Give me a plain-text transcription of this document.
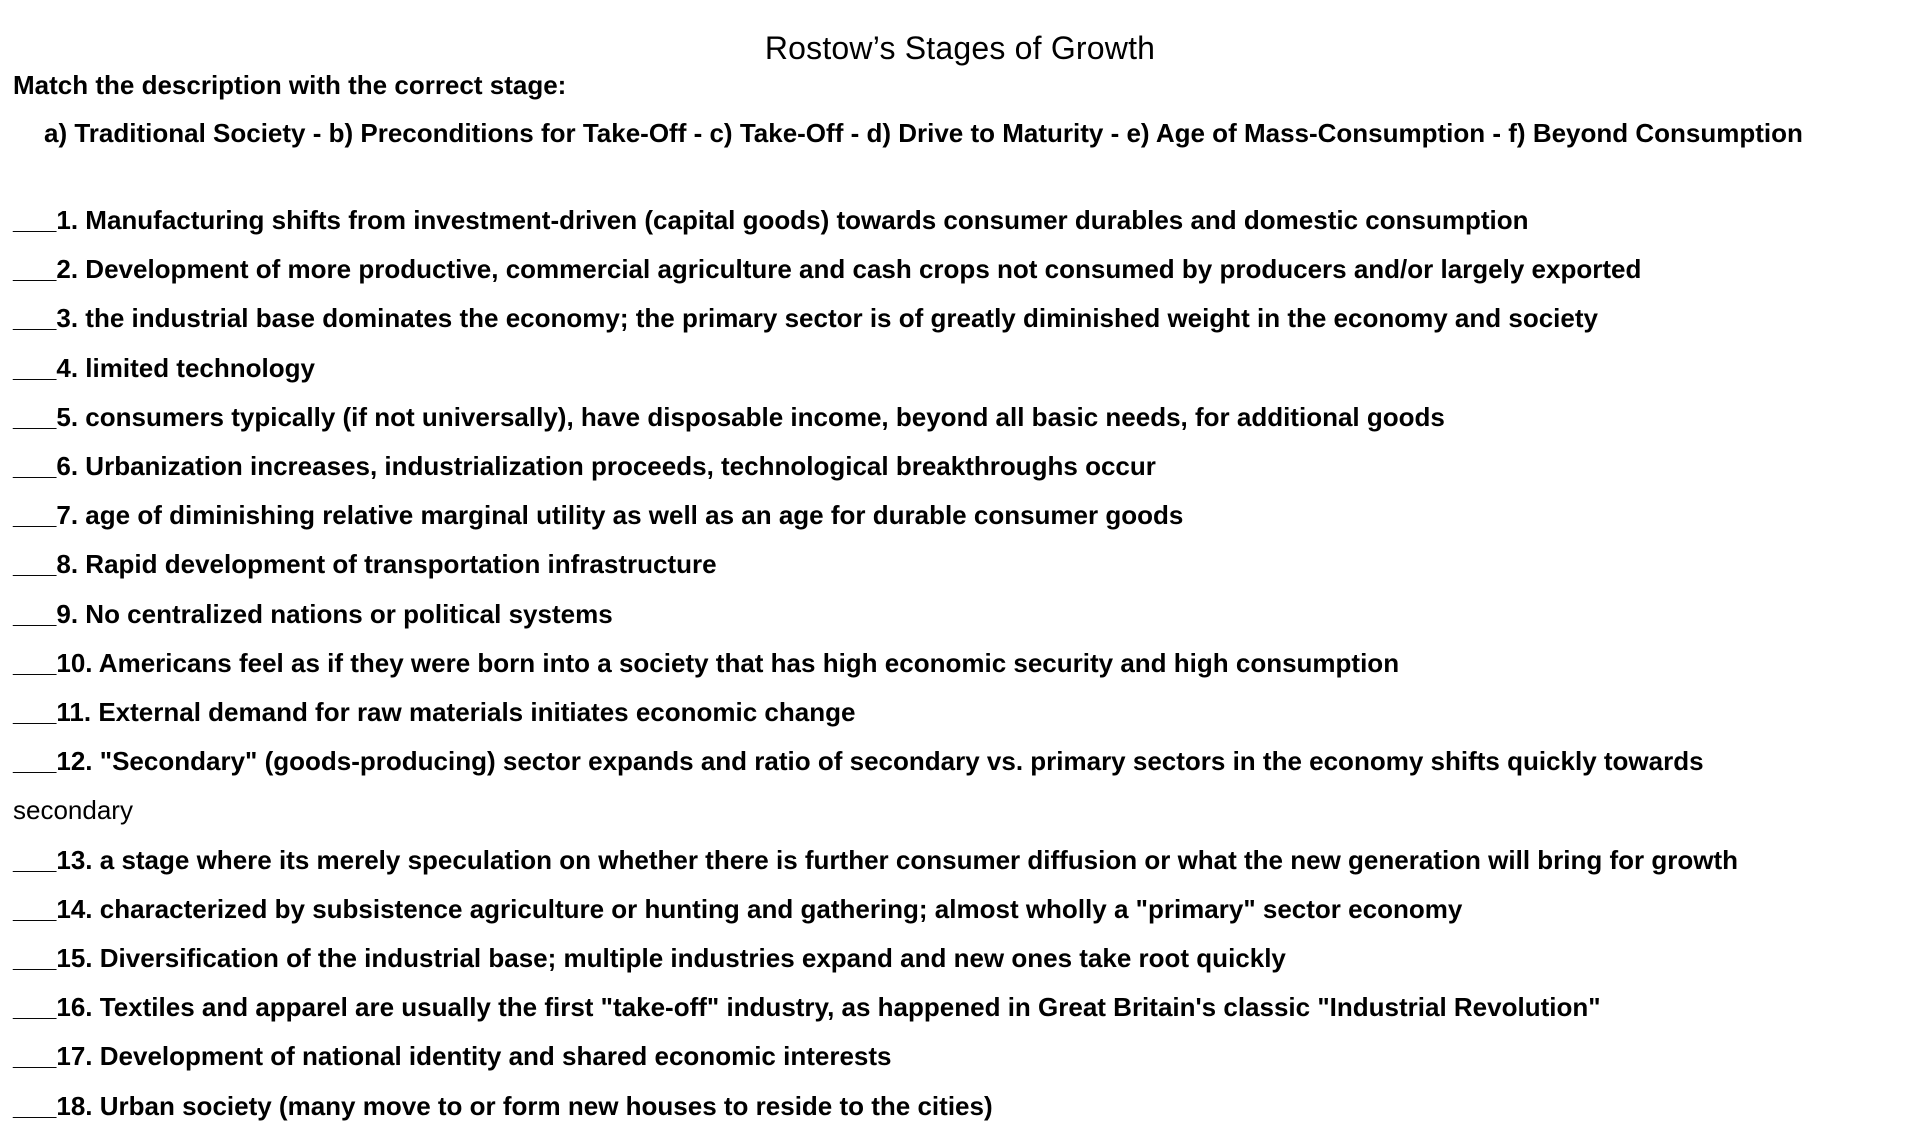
Rostow’s Stages of Growth
Match the description with the correct stage:
a) Traditional Society - b) Preconditions for Take-Off - c) Take-Off - d) Drive to Maturity - e) Age of Mass-Consumption - f) Beyond Consumption
___1. Manufacturing shifts from investment-driven (capital goods) towards consumer durables and domestic consumption
___2. Development of more productive, commercial agriculture and cash crops not consumed by producers and/or largely exported
___3. the industrial base dominates the economy; the primary sector is of greatly diminished weight in the economy and society
___4. limited technology
___5. consumers typically (if not universally), have disposable income, beyond all basic needs, for additional goods
___6. Urbanization increases, industrialization proceeds, technological breakthroughs occur
___7. age of diminishing relative marginal utility as well as an age for durable consumer goods
___8. Rapid development of transportation infrastructure
___9. No centralized nations or political systems
___10. Americans feel as if they were born into a society that has high economic security and high consumption
___11. External demand for raw materials initiates economic change
___12. "Secondary" (goods-producing) sector expands and ratio of secondary vs. primary sectors in the economy shifts quickly towards
secondary
___13. a stage where its merely speculation on whether there is further consumer diffusion or what the new generation will bring for growth
___14. characterized by subsistence agriculture or hunting and gathering; almost wholly a "primary" sector economy
___15. Diversification of the industrial base; multiple industries expand and new ones take root quickly
___16. Textiles and apparel are usually the first "take-off" industry, as happened in Great Britain's classic "Industrial Revolution"
___17. Development of national identity and shared economic interests
___18. Urban society (many move to or form new houses to reside to the cities)
